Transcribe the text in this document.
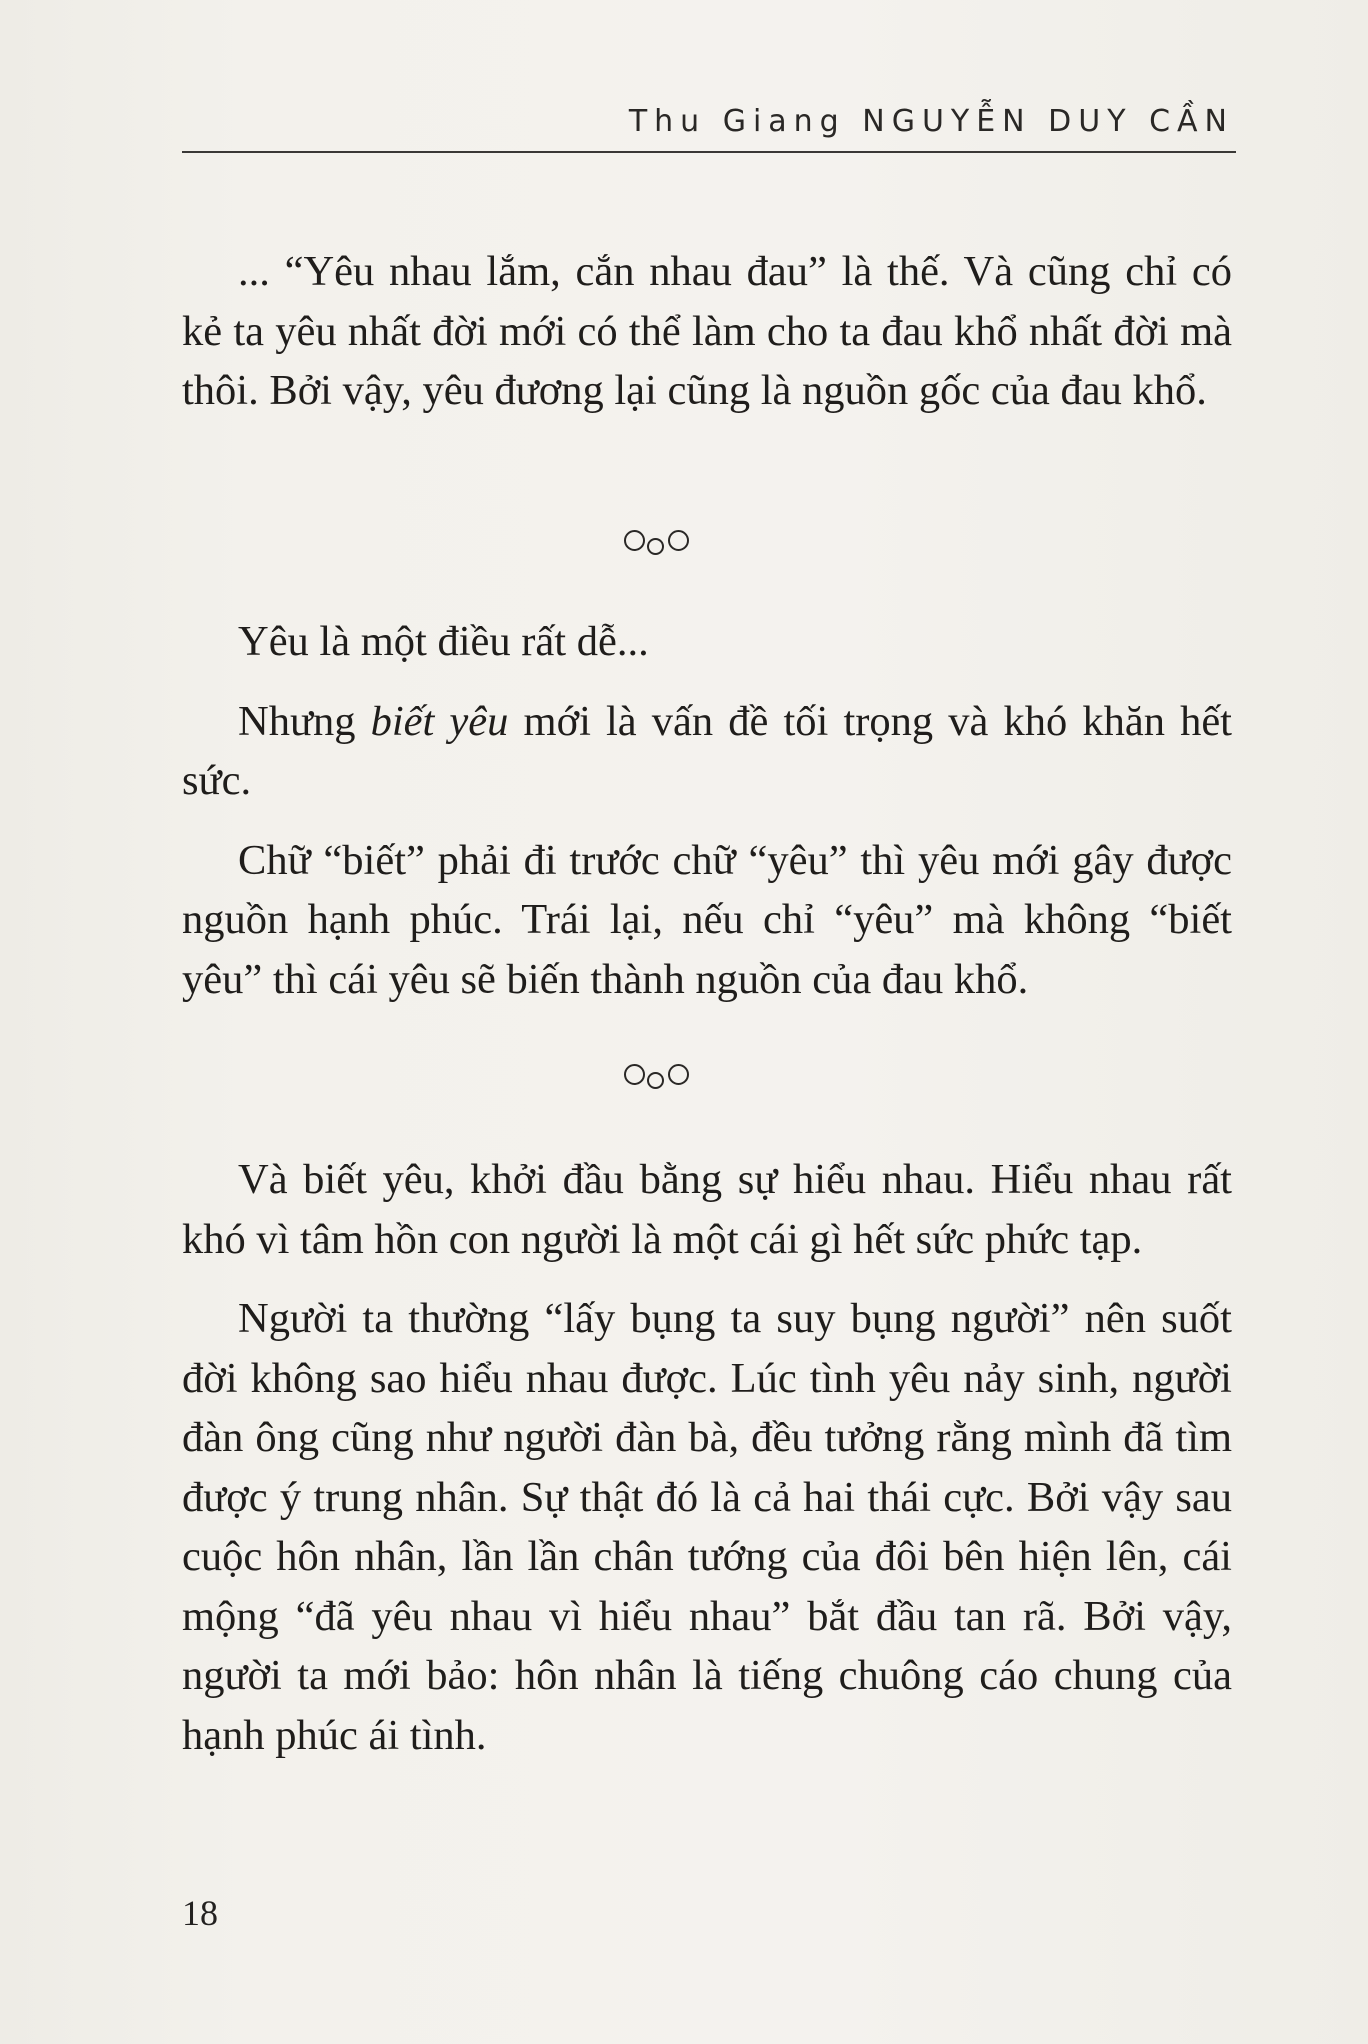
Thu Giang NGUYỄN DUY CẦN

... “Yêu nhau lắm, cắn nhau đau” là thế. Và cũng chỉ có kẻ ta yêu nhất đời mới có thể làm cho ta đau khổ nhất đời mà thôi. Bởi vậy, yêu đương lại cũng là nguồn gốc của đau khổ.

Yêu là một điều rất dễ...

Nhưng biết yêu mới là vấn đề tối trọng và khó khăn hết sức.

Chữ “biết” phải đi trước chữ “yêu” thì yêu mới gây được nguồn hạnh phúc. Trái lại, nếu chỉ “yêu” mà không “biết yêu” thì cái yêu sẽ biến thành nguồn của đau khổ.

Và biết yêu, khởi đầu bằng sự hiểu nhau. Hiểu nhau rất khó vì tâm hồn con người là một cái gì hết sức phức tạp.

Người ta thường “lấy bụng ta suy bụng người” nên suốt đời không sao hiểu nhau được. Lúc tình yêu nảy sinh, người đàn ông cũng như người đàn bà, đều tưởng rằng mình đã tìm được ý trung nhân. Sự thật đó là cả hai thái cực. Bởi vậy sau cuộc hôn nhân, lần lần chân tướng của đôi bên hiện lên, cái mộng “đã yêu nhau vì hiểu nhau” bắt đầu tan rã. Bởi vậy, người ta mới bảo: hôn nhân là tiếng chuông cáo chung của hạnh phúc ái tình.

18
